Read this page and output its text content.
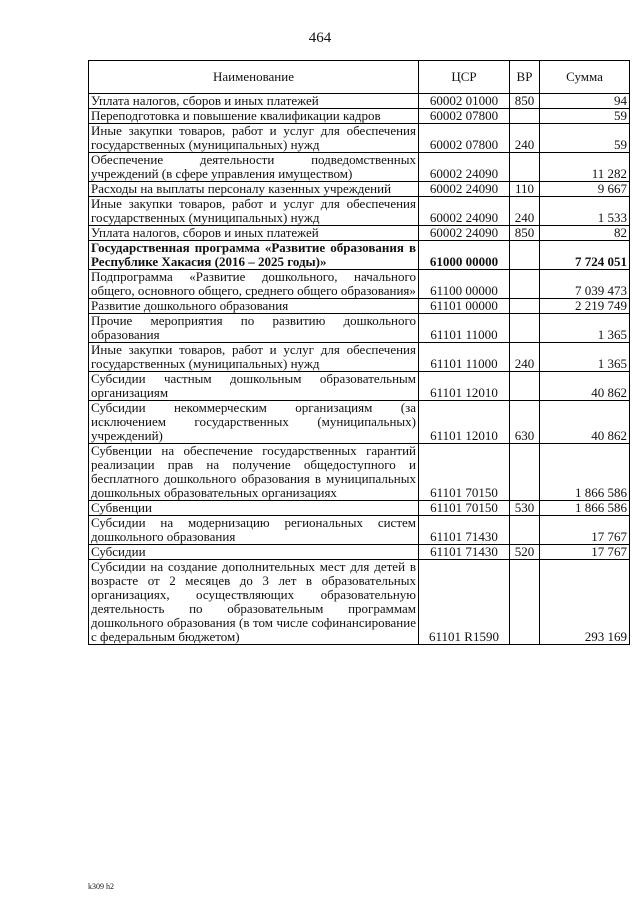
464
Наименование	ЦСР	ВР	Сумма
Уплата налогов, сборов и иных платежей	60002 01000	850	94
Переподготовка и повышение квалификации кадров	60002 07800		59
Иные закупки товаров, работ и услуг для обеспечения государственных (муниципальных) нужд	60002 07800	240	59
Обеспечение деятельности подведомственных учреждений (в сфере управления имуществом)	60002 24090		11 282
Расходы на выплаты персоналу казенных учреждений	60002 24090	110	9 667
Иные закупки товаров, работ и услуг для обеспечения государственных (муниципальных) нужд	60002 24090	240	1 533
Уплата налогов, сборов и иных платежей	60002 24090	850	82
Государственная программа «Развитие образования в Республике Хакасия (2016 – 2025 годы)»	61000 00000		7 724 051
Подпрограмма «Развитие дошкольного, начального общего, основного общего, среднего общего образования»	61100 00000		7 039 473
Развитие дошкольного образования	61101 00000		2 219 749
Прочие мероприятия по развитию дошкольного образования	61101 11000		1 365
Иные закупки товаров, работ и услуг для обеспечения государственных (муниципальных) нужд	61101 11000	240	1 365
Субсидии частным дошкольным образовательным организациям	61101 12010		40 862
Субсидии некоммерческим организациям (за исключением государственных (муниципальных) учреждений)	61101 12010	630	40 862
Субвенции на обеспечение государственных гарантий реализации прав на получение общедоступного и бесплатного дошкольного образования в муниципальных дошкольных образовательных организациях	61101 70150		1 866 586
Субвенции	61101 70150	530	1 866 586
Субсидии на модернизацию региональных систем дошкольного образования	61101 71430		17 767
Субсидии	61101 71430	520	17 767
Субсидии на создание дополнительных мест для детей в возрасте от 2 месяцев до 3 лет в образовательных организациях, осуществляющих образовательную деятельность по образовательным программам дошкольного образования (в том числе софинансирование с федеральным бюджетом)	61101 R1590		293 169
k309 h2
